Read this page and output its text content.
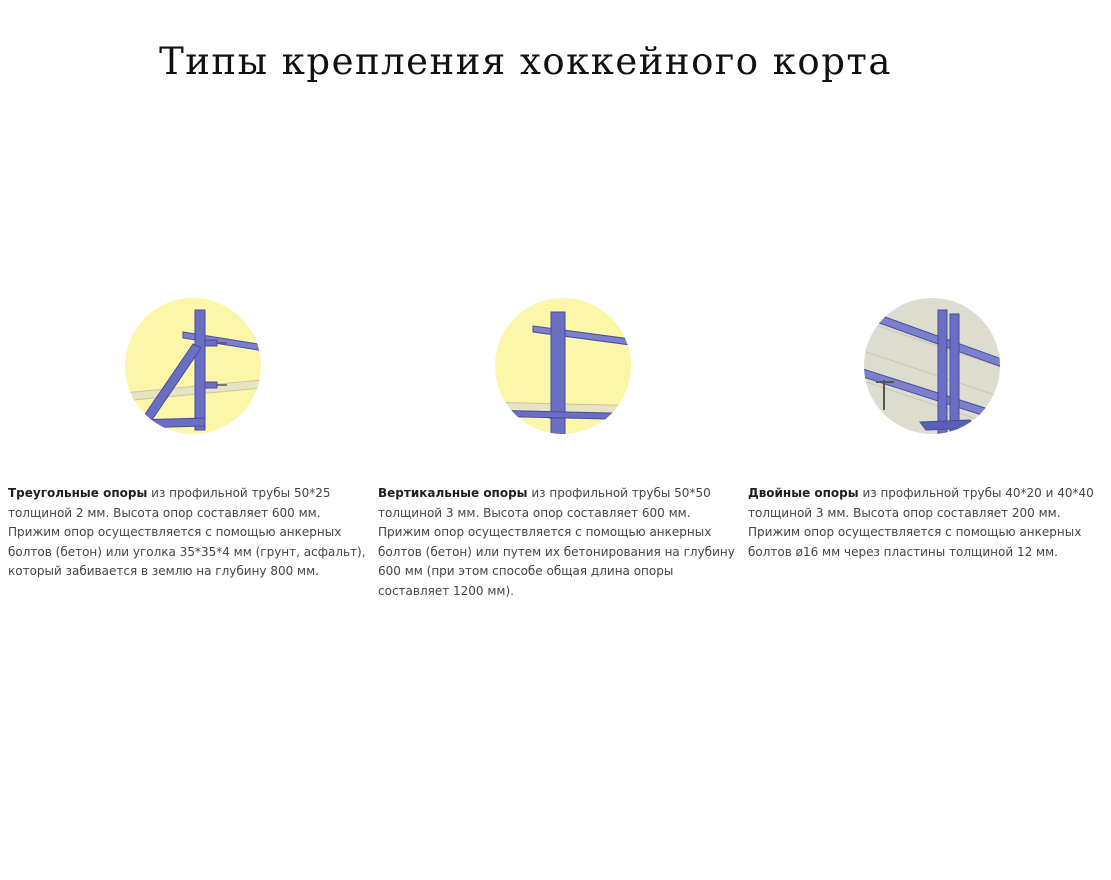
Типы крепления хоккейного корта

Треугольные опоры из профильной трубы 50*25 толщиной 2 мм. Высота опор составляет 600 мм. Прижим опор осуществляется с помощью анкерных болтов (бетон) или уголка 35*35*4 мм (грунт, асфальт), который забивается в землю на глубину 800 мм.

Вертикальные опоры из профильной трубы 50*50 толщиной 3 мм. Высота опор составляет 600 мм. Прижим опор осуществляется с помощью анкерных болтов (бетон) или путем их бетонирования на глубину 600 мм (при этом способе общая длина опоры составляет 1200 мм).

Двойные опоры из профильной трубы 40*20 и 40*40 толщиной 3 мм. Высота опор составляет 200 мм. Прижим опор осуществляется с помощью анкерных болтов ø16 мм через пластины толщиной 12 мм.
